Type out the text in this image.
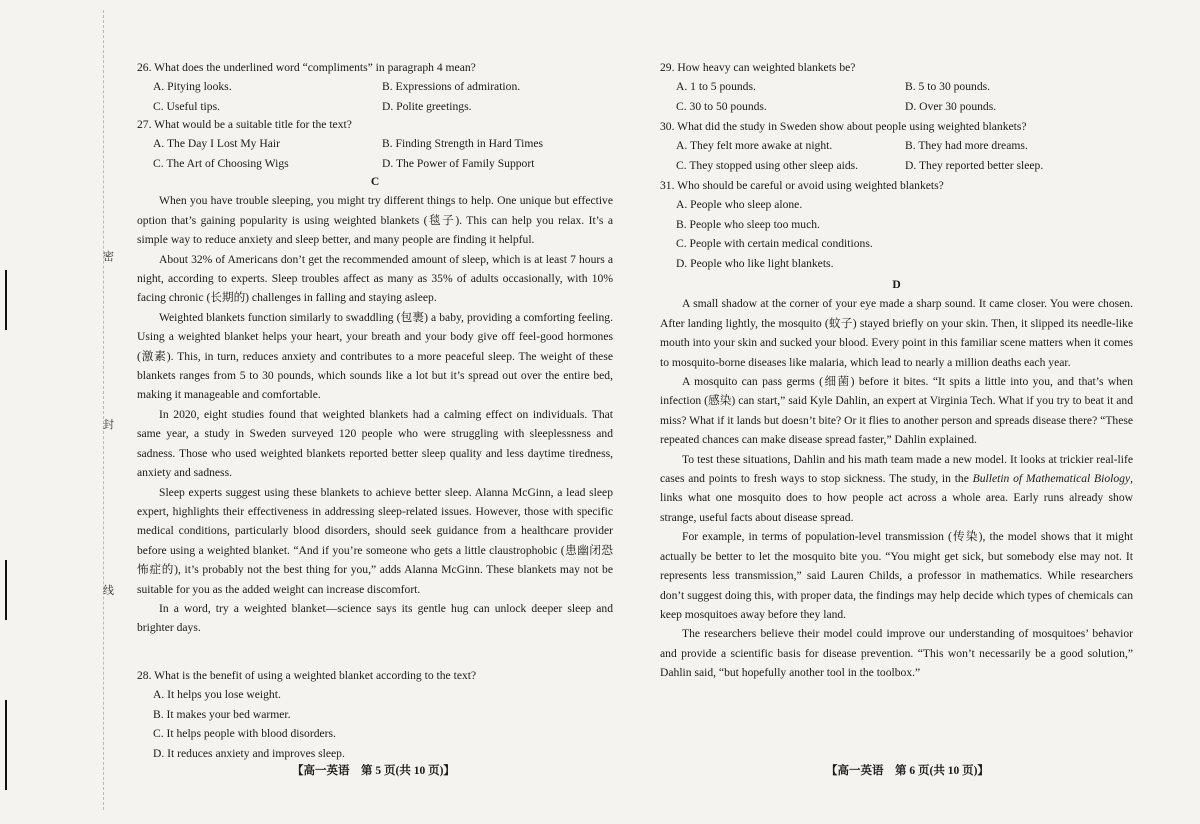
密
封
线

26. What does the underlined word “compliments” in paragraph 4 mean?

A. Pitying looks.	B. Expressions of admiration.
C. Useful tips.	D. Polite greetings.

27. What would be a suitable title for the text?

A. The Day I Lost My Hair	B. Finding Strength in Hard Times
C. The Art of Choosing Wigs	D. The Power of Family Support

C

When you have trouble sleeping, you might try different things to help. One unique but effective option that’s gaining popularity is using weighted blankets (毯子). This can help you relax. It’s a simple way to reduce anxiety and sleep better, and many people are finding it helpful.

About 32% of Americans don’t get the recommended amount of sleep, which is at least 7 hours a night, according to experts. Sleep troubles affect as many as 35% of adults occasionally, with 10% facing chronic (长期的) challenges in falling and staying asleep.

Weighted blankets function similarly to swaddling (包裹) a baby, providing a comforting feeling. Using a weighted blanket helps your heart, your breath and your body give off feel-good hormones (激素). This, in turn, reduces anxiety and contributes to a more peaceful sleep. The weight of these blankets ranges from 5 to 30 pounds, which sounds like a lot but it’s spread out over the entire bed, making it manageable and comfortable.

In 2020, eight studies found that weighted blankets had a calming effect on individuals. That same year, a study in Sweden surveyed 120 people who were struggling with sleeplessness and sadness. Those who used weighted blankets reported better sleep quality and less daytime tiredness, anxiety and sadness.

Sleep experts suggest using these blankets to achieve better sleep. Alanna McGinn, a lead sleep expert, highlights their effectiveness in addressing sleep-related issues. However, those with specific medical conditions, particularly blood disorders, should seek guidance from a healthcare provider before using a weighted blanket. “And if you’re someone who gets a little claustrophobic (患幽闭恐怖症的), it’s probably not the best thing for you,” adds Alanna McGinn. These blankets may not be suitable for you as the added weight can increase discomfort.

In a word, try a weighted blanket—science says its gentle hug can unlock deeper sleep and brighter days.

28. What is the benefit of using a weighted blanket according to the text?

A. It helps you lose weight.
B. It makes your bed warmer.
C. It helps people with blood disorders.
D. It reduces anxiety and improves sleep.
【高一英语　第 5 页(共 10 页)】

29. How heavy can weighted blankets be?

A. 1 to 5 pounds.	B. 5 to 30 pounds.
C. 30 to 50 pounds.	D. Over 30 pounds.

30. What did the study in Sweden show about people using weighted blankets?

A. They felt more awake at night.	B. They had more dreams.
C. They stopped using other sleep aids.	D. They reported better sleep.

31. Who should be careful or avoid using weighted blankets?

A. People who sleep alone.
B. People who sleep too much.
C. People with certain medical conditions.
D. People who like light blankets.

D

A small shadow at the corner of your eye made a sharp sound. It came closer. You were chosen. After landing lightly, the mosquito (蚊子) stayed briefly on your skin. Then, it slipped its needle-like mouth into your skin and sucked your blood. Every point in this familiar scene matters when it comes to mosquito-borne diseases like malaria, which lead to nearly a million deaths each year.

A mosquito can pass germs (细菌) before it bites. “It spits a little into you, and that’s when infection (感染) can start,” said Kyle Dahlin, an expert at Virginia Tech. What if you try to beat it and miss? What if it lands but doesn’t bite? Or it flies to another person and spreads disease there? “These repeated chances can make disease spread faster,” Dahlin explained.

To test these situations, Dahlin and his math team made a new model. It looks at trickier real-life cases and points to fresh ways to stop sickness. The study, in the Bulletin of Mathematical Biology, links what one mosquito does to how people act across a whole area. Early runs already show strange, useful facts about disease spread.

For example, in terms of population-level transmission (传染), the model shows that it might actually be better to let the mosquito bite you. “You might get sick, but somebody else may not. It represents less transmission,” said Lauren Childs, a professor in mathematics. While researchers don’t suggest doing this, with proper data, the findings may help decide which types of chemicals can keep mosquitoes away before they land.

The researchers believe their model could improve our understanding of mosquitoes’ behavior and provide a scientific basis for disease prevention. “This won’t necessarily be a good solution,” Dahlin said, “but hopefully another tool in the toolbox.”

【高一英语　第 6 页(共 10 页)】
